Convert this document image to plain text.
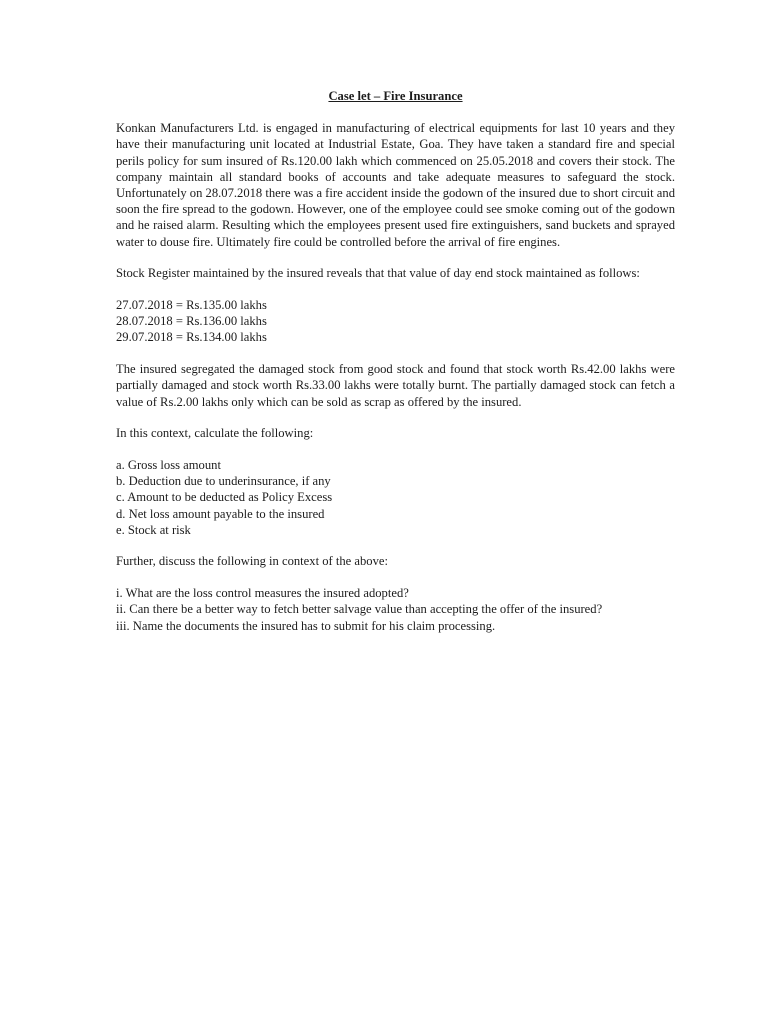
Case let – Fire Insurance

Konkan Manufacturers Ltd. is engaged in manufacturing of electrical equipments for last 10 years and they have their manufacturing unit located at Industrial Estate, Goa. They have taken a standard fire and special perils policy for sum insured of Rs.120.00 lakh which commenced on 25.05.2018 and covers their stock. The company maintain all standard books of accounts and take adequate measures to safeguard the stock. Unfortunately on 28.07.2018 there was a fire accident inside the godown of the insured due to short circuit and soon the fire spread to the godown. However, one of the employee could see smoke coming out of the godown and he raised alarm. Resulting which the employees present used fire extinguishers, sand buckets and sprayed water to douse fire. Ultimately fire could be controlled before the arrival of fire engines.

Stock Register maintained by the insured reveals that that value of day end stock maintained as follows:

27.07.2018 = Rs.135.00 lakhs
28.07.2018 = Rs.136.00 lakhs
29.07.2018 = Rs.134.00 lakhs

The insured segregated the damaged stock from good stock and found that stock worth Rs.42.00 lakhs were partially damaged and stock worth Rs.33.00 lakhs were totally burnt. The partially damaged stock can fetch a value of Rs.2.00 lakhs only which can be sold as scrap as offered by the insured.

In this context, calculate the following:

a. Gross loss amount
b. Deduction due to underinsurance, if any
c. Amount to be deducted as Policy Excess
d. Net loss amount payable to the insured
e. Stock at risk

Further, discuss the following in context of the above:

i. What are the loss control measures the insured adopted?
ii. Can there be a better way to fetch better salvage value than accepting the offer of the insured?
iii. Name the documents the insured has to submit for his claim processing.
